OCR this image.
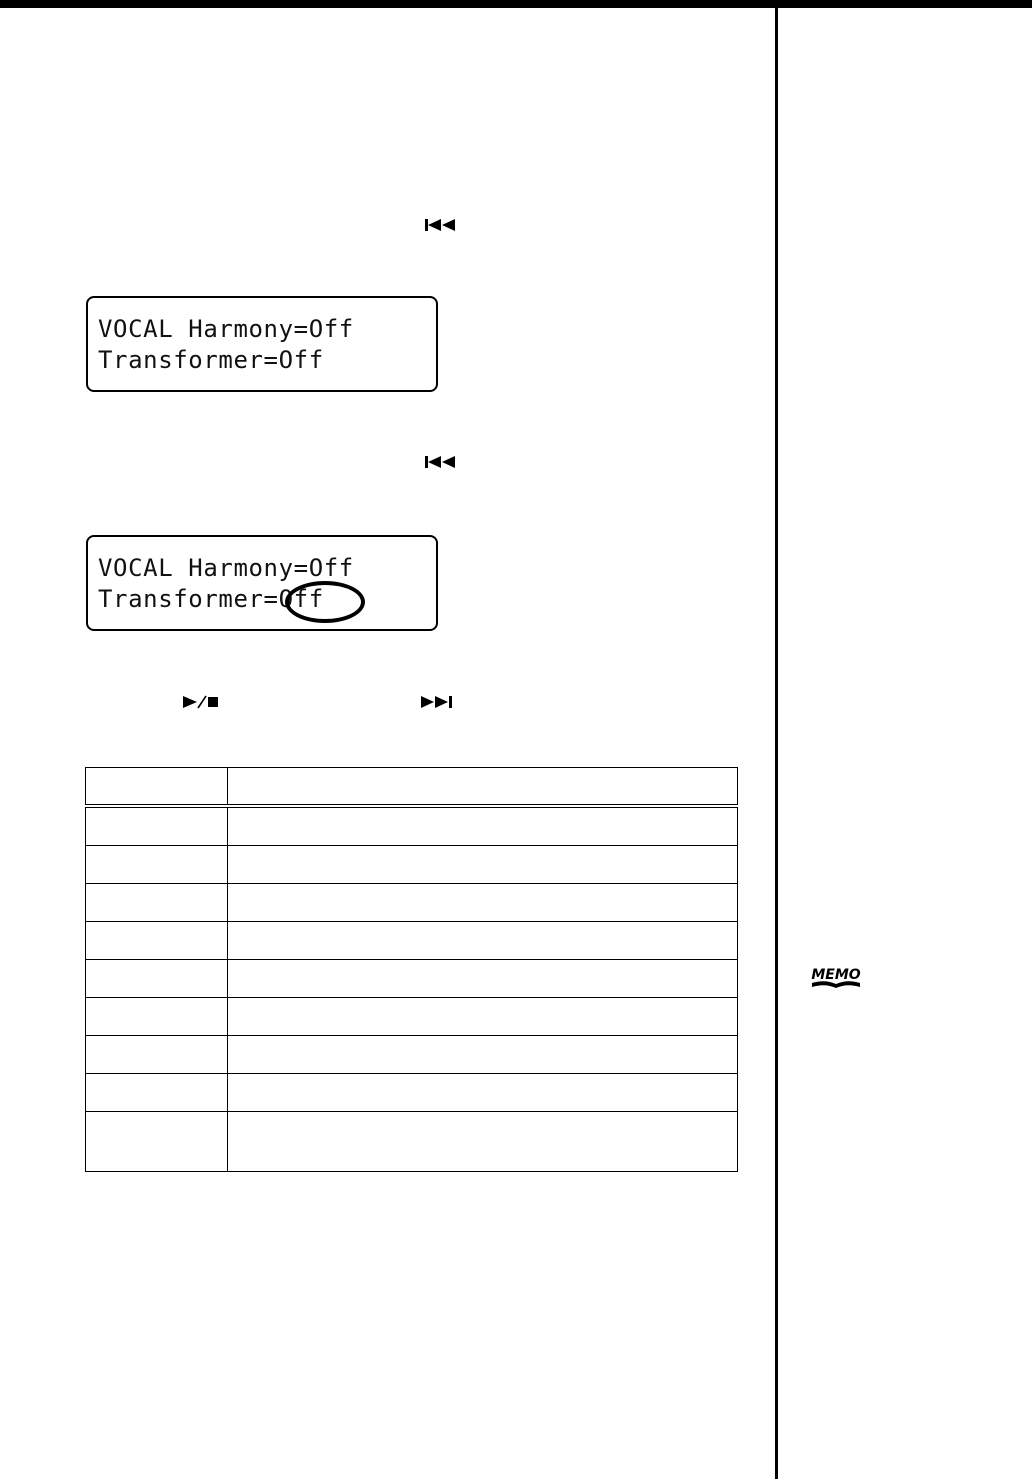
VOCAL Harmony=Off
Transformer=Off
VOCAL Harmony=Off
Transformer=Off

MEMO
